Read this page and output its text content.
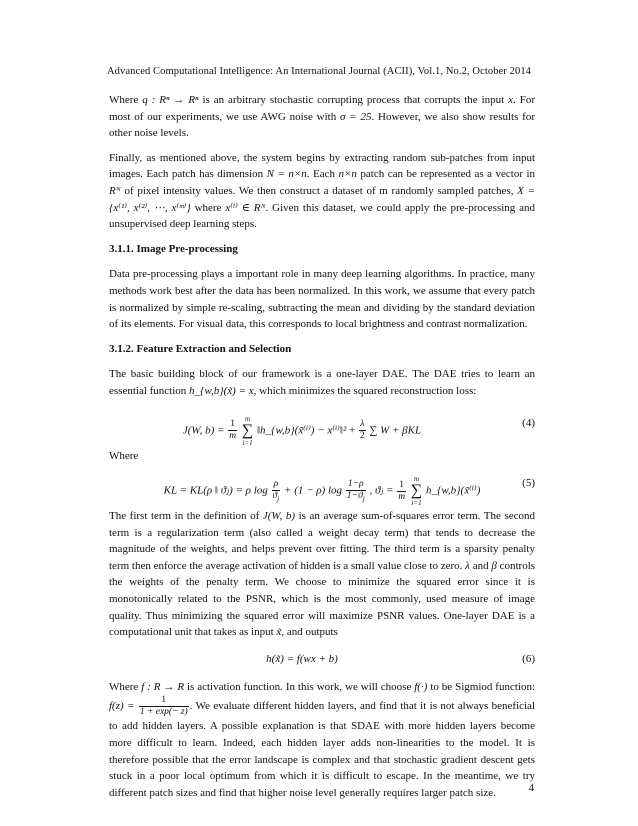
Advanced Computational Intelligence: An International Journal (ACII), Vol.1, No.2, October 2014

Where q : Rⁿ → Rⁿ is an arbitrary stochastic corrupting process that corrupts the input x. For most of our experiments, we use AWG noise with σ = 25. However, we also show results for other noise levels.

Finally, as mentioned above, the system begins by extracting random sub-patches from input images. Each patch has dimension N = n×n. Each n×n patch can be represented as a vector in Rᴺ of pixel intensity values. We then construct a dataset of m randomly sampled patches, X = {x⁽¹⁾, x⁽²⁾, ⋯, x⁽ᵐ⁾} where x⁽ⁱ⁾ ∈ Rᴺ. Given this dataset, we could apply the pre-processing and unsupervised deep learning steps.

3.1.1. Image Pre-processing

Data pre-processing plays a important role in many deep learning algorithms. In practice, many methods work best after the data has been normalized. In this work, we assume that every patch is normalized by simple re-scaling, subtracting the mean and dividing by the standard deviation of its elements. For visual data, this corresponds to local brightness and contrast normalization.

3.1.2. Feature Extraction and Selection

The basic building block of our framework is a one-layer DAE. The DAE tries to learn an essential function h_{w,b}(x̃) = x, which minimizes the squared reconstruction loss:

J(W, $b) = \frac{1}{m}$
m
∑
i=1 ‖h_{w,b}(x̃⁽ⁱ⁾) − x⁽ⁱ⁾‖² + $\frac{\lambda}{2}$ ∑ W + βKL
(4)

Where

KL = KL(ρ ‖ ϑⱼ) = ρ $\log \frac{\rho}{ϑ_j} + (1 - \rho)$ $\log \frac{1-\rho}{1-ϑ_j}$ , ϑⱼ = $\frac{1}{m}$
m
∑
i=1 h_{w,b}(x̃⁽ⁱ⁾)
(5)

The first term in the definition of J(W, b) is an average sum-of-squares error term. The second term is a regularization term (also called a weight decay term) that tends to decrease the magnitude of the weights, and helps prevent over fitting. The third term is a sparsity penalty term then enforce the average activation of hidden is a small value close to zero. λ and β controls the weights of the penalty term. We choose to minimize the squared error since it is monotonically related to the PSNR, which is the most commonly, used measure of image quality. Thus minimizing the squared error will maximize PSNR values. One-layer DAE is a computational unit that takes as input x̃, and outputs

h(x̃) = f(wx + b)	(6)

Where f : R → R is activation function. In this work, we will choose f(·) to be Sigmiod function: $f(z) = \frac{1}{1 + \exp(- z)}$ . We evaluate different hidden layers, and find that it is not always beneficial to add hidden layers. A possible explanation is that SDAE with more hidden layers become more difficult to learn. Indeed, each hidden layer adds non-linearities to the model. It is therefore possible that the error landscape is complex and that stochastic gradient descent gets stuck in a poor local optimum from which it is difficult to escape. In the meantime, we try different patch sizes and find that higher noise level generally requires larger patch size.	4
